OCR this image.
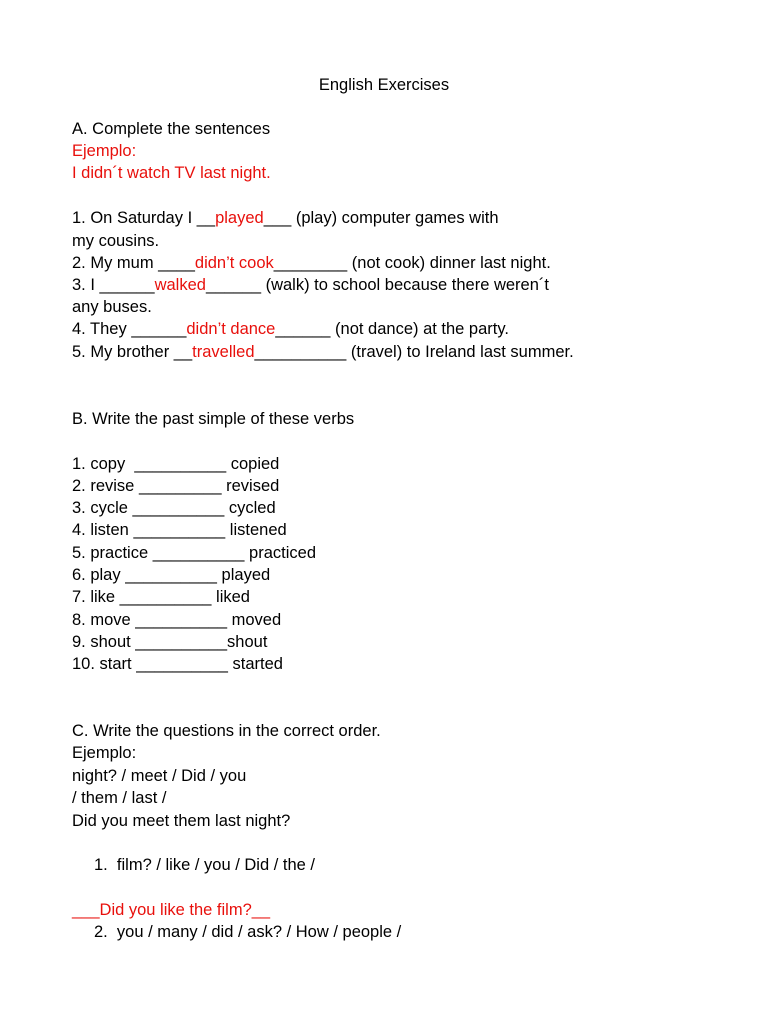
English Exercises
A. Complete the sentences
Ejemplo:
I didn´t watch TV last night.
1. On Saturday I __played___ (play) computer games with
my cousins.
2. My mum ____didn’t cook________ (not cook) dinner last night.
3. I ______walked______ (walk) to school because there weren´t
any buses.
4. They ______didn’t dance______ (not dance) at the party.
5. My brother __travelled__________ (travel) to Ireland last summer.
B. Write the past simple of these verbs
1. copy  __________ copied
2. revise _________ revised
3. cycle __________ cycled
4. listen __________ listened
5. practice __________ practiced
6. play __________ played
7. like __________ liked
8. move __________ moved
9. shout __________shout
10. start __________ started
C. Write the questions in the correct order.
Ejemplo:
night? / meet / Did / you
/ them / last /
Did you meet them last night?
1.  film? / like / you / Did / the /
___Did you like the film?__
2.  you / many / did / ask? / How / people /
